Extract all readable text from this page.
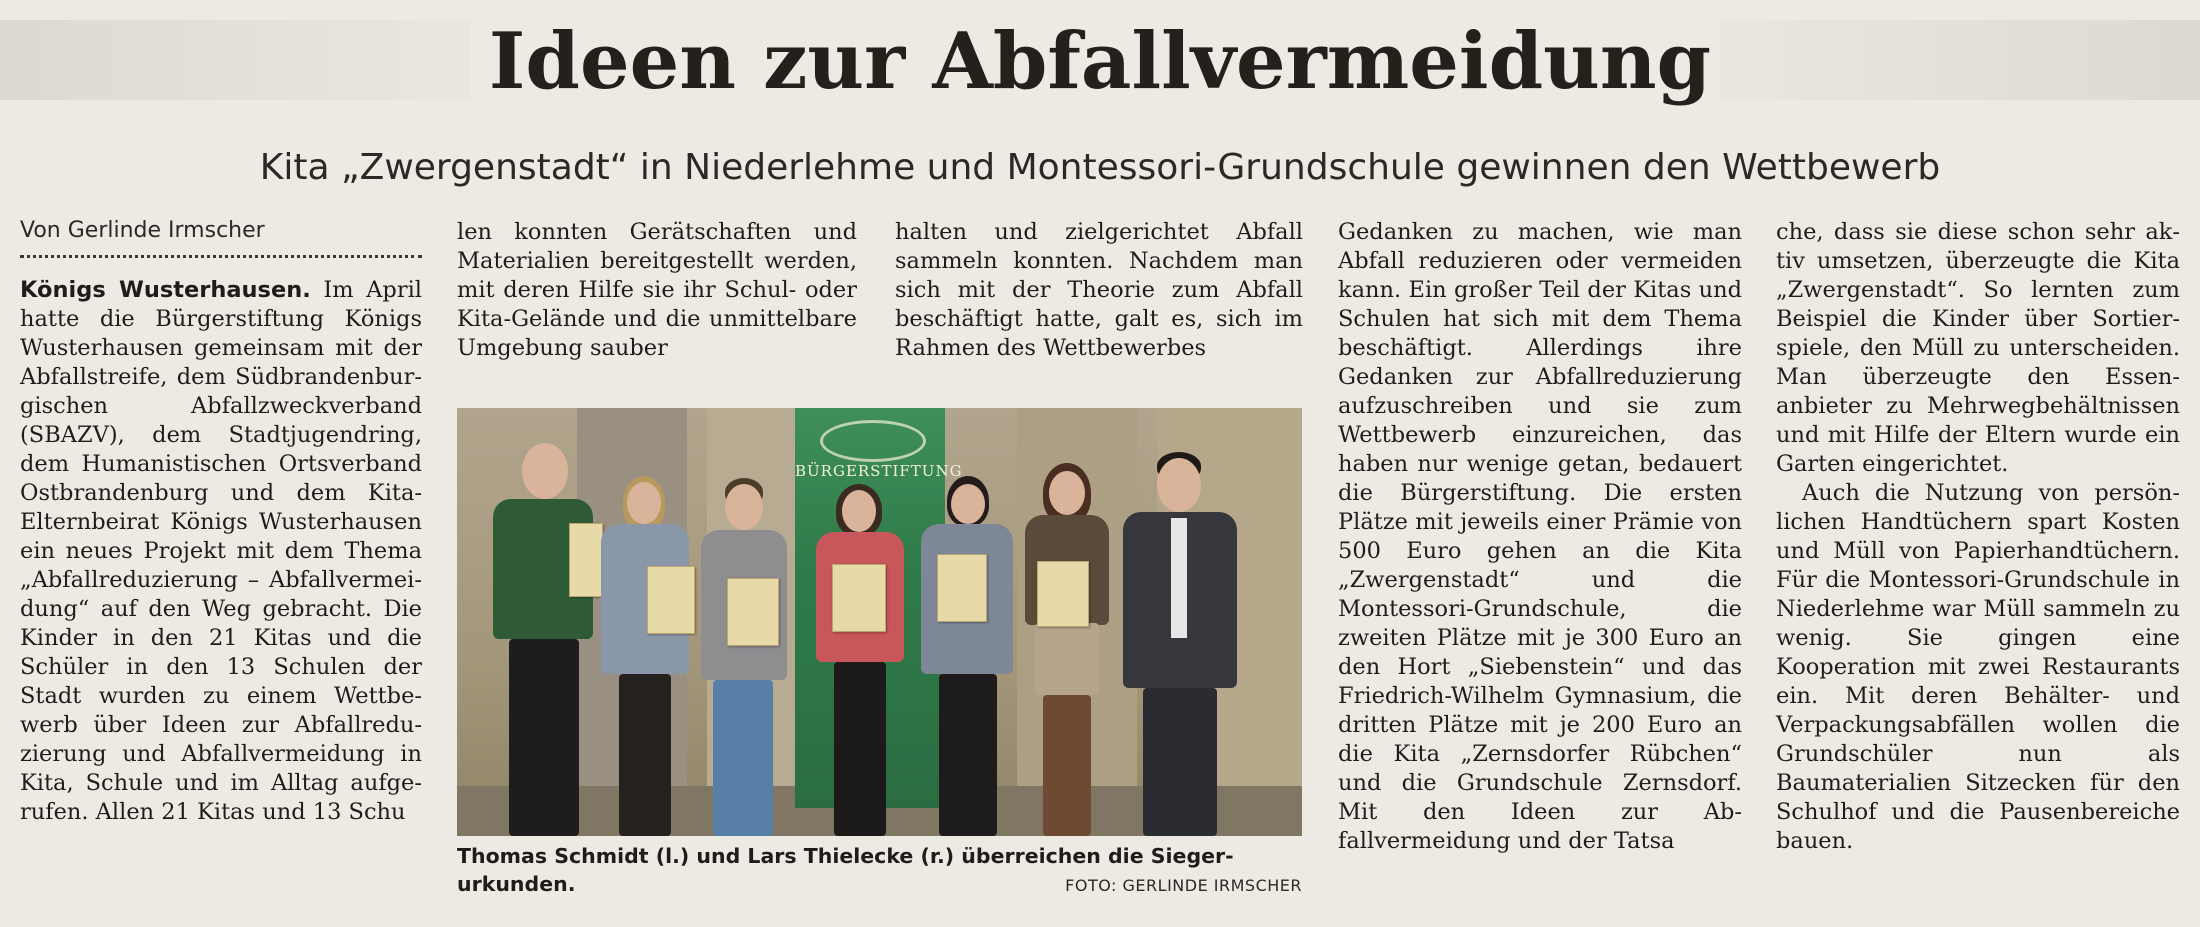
Ideen zur Abfallvermeidung
Kita „Zwergenstadt“ in Niederlehme und Montessori-Grundschule gewinnen den Wettbewerb
Von Gerlinde Irmscher

Königs Wusterhausen. Im April hatte die Bürgerstiftung Königs Wusterhausen gemeinsam mit der Abfallstreife, dem Südbrandenburgischen Abfallzweckverband (SBAZV), dem Stadtjugendring, dem Humanistischen Ortsverband Ostbrandenburg und dem Kita-Elternbeirat Königs Wusterhausen ein neues Projekt mit dem Thema „Abfallreduzierung – Abfallvermeidung“ auf den Weg gebracht. Die Kinder in den 21 Kitas und die Schüler in den 13 Schulen der Stadt wurden zu einem Wettbewerb über Ideen zur Abfallreduzierung und Abfallvermeidung in Kita, Schule und im Alltag aufgerufen. Allen 21 Kitas und 13 Schu

len konnten Gerätschaften und Materialien bereitgestellt werden, mit deren Hilfe sie ihr Schul- oder Kita-Gelände und die unmittelbare Umgebung sauber

halten und zielgerichtet Abfall sammeln konnten. Nachdem man sich mit der Theorie zum Abfall beschäftigt hatte, galt es, sich im Rahmen des Wettbewerbes

Gedanken zu machen, wie man Abfall reduzieren oder vermeiden kann. Ein großer Teil der Kitas und Schulen hat sich mit dem Thema beschäftigt. Allerdings ihre Gedanken zur Abfallreduzierung aufzuschreiben und sie zum Wettbewerb einzureichen, das haben nur wenige getan, bedauert die Bürgerstiftung. Die ersten Plätze mit jeweils einer Prämie von 500 Euro gehen an die Kita „Zwergenstadt“ und die Montessori-Grundschule, die zweiten Plätze mit je 300 Euro an den Hort „Siebenstein“ und das Friedrich-Wilhelm Gymnasium, die dritten Plätze mit je 200 Euro an die Kita „Zernsdorfer Rübchen“ und die Grundschule Zernsdorf. Mit den Ideen zur Abfallvermeidung und der Tatsa

che, dass sie diese schon sehr aktiv umsetzen, überzeugte die Kita „Zwergenstadt“. So lernten zum Beispiel die Kinder über Sortierspiele, den Müll zu unterscheiden. Man überzeugte den Essenanbieter zu Mehrwegbehältnissen und mit Hilfe der Eltern wurde ein Garten eingerichtet.

Auch die Nutzung von persönlichen Handtüchern spart Kosten und Müll von Papierhandtüchern. Für die Montessori-Grundschule in Niederlehme war Müll sammeln zu wenig. Sie gingen eine Kooperation mit zwei Restaurants ein. Mit deren Behälter- und Verpackungsabfällen wollen die Grundschüler nun als Baumaterialien Sitzecken für den Schulhof und die Pausenbereiche bauen.

BÜRGERSTIFTUNG
Thomas Schmidt (l.) und Lars Thielecke (r.) überreichen die Siegerurkunden.	FOTO: GERLINDE IRMSCHER
